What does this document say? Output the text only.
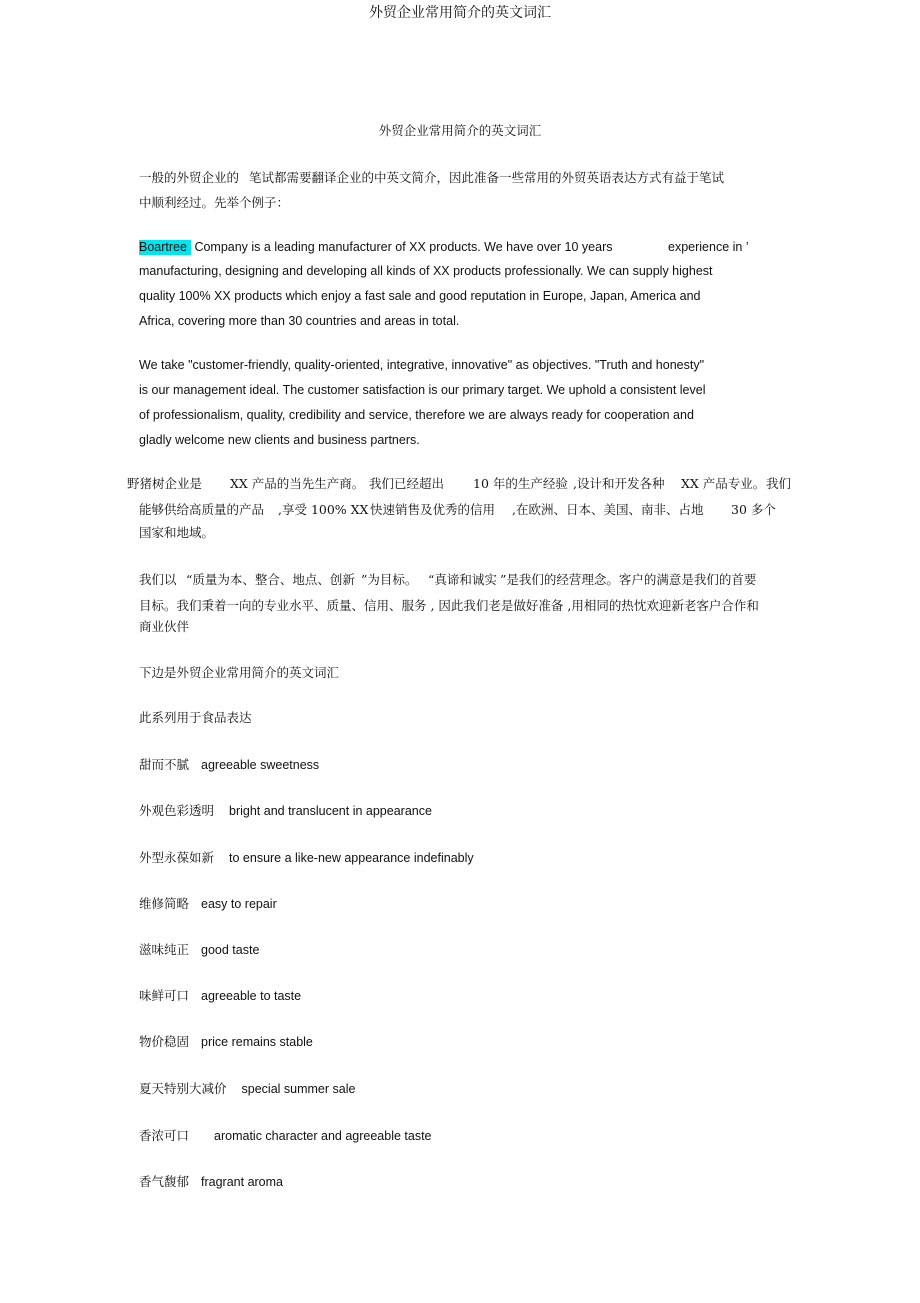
外贸企业常用简介的英文词汇
外贸企业常用简介的英文词汇
一般的外贸企业的 笔试都需要翻译企业的中英文简介，因此准备一些常用的外贸英语表达方式有益于笔试
中顺利经过。先举个例子：
Boartree Company is a leading manufacturer of XX products. We have over 10 years	experience in ’
manufacturing, designing and developing all kinds of XX products professionally. We can supply highest
quality 100% XX products which enjoy a fast sale and good reputation in Europe, Japan, America and
Africa, covering more than 30 countries and areas in total.
We take "customer-friendly, quality-oriented, integrative, innovative" as objectives. "Truth and honesty"
is our management ideal. The customer satisfaction is our primary target. We uphold a consistent level
of professionalism, quality, credibility and service, therefore we are always ready for cooperation and
gladly welcome new clients and business partners.
野猪树企业是 XX 产品的当先生产商。 我们已经超出 10 年的生产经验 ,设计和开发各种 XX 产品专业。 我们
能够供给高质量的产品 ,享受 100% XX 快速销售及优秀的信用 ,在欧洲、日本、美国、南非、占地 30 多个
国家和地域。
我们以 “质量为本、整合、地点、创新 ”为目标。 “真谛和诚实 ”是我们的经营理念。客户的满意是我们的首要
目标。我们秉着一向的专业水平、质量、信用、服务 , 因此我们老是做好准备 ,用相同的热忱欢迎新老客户合作和
商业伙伴
下边是外贸企业常用简介的英文词汇
此系列用于食品表达
甜而不腻 agreeable sweetness
外观色彩透明 bright and translucent in appearance
外型永葆如新 to ensure a like-new appearance indefinably
维修简略 easy to repair
滋味纯正 good taste
味鲜可口 agreeable to taste
物价稳固 price remains stable
夏天特别大减价 special summer sale
香浓可口 aromatic character and agreeable taste
香气馥郁 fragrant aroma
